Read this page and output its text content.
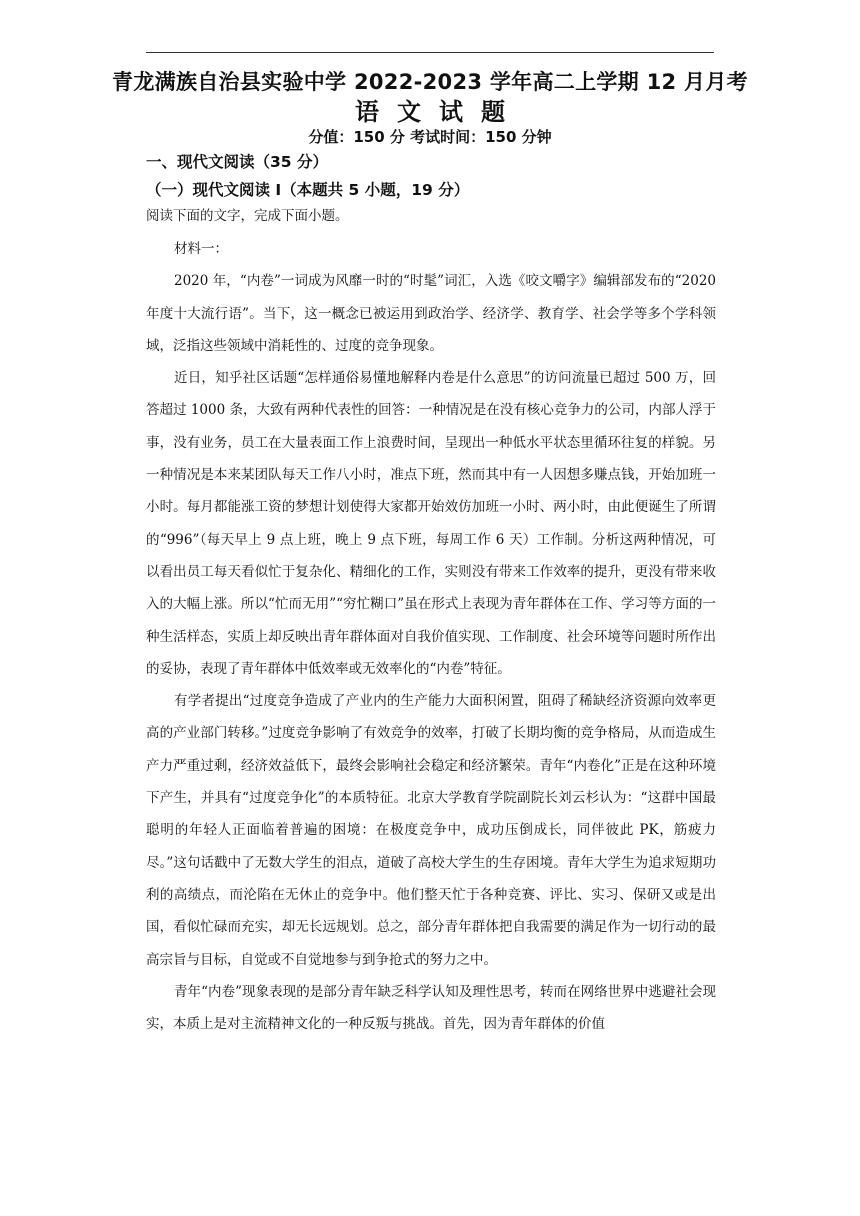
青龙满族自治县实验中学 2022-2023 学年高二上学期 12 月月考
语文试题
分值：150 分 考试时间：150 分钟
一、现代文阅读（35 分）
（一）现代文阅读 I（本题共 5 小题，19 分）
阅读下面的文字，完成下面小题。

材料一：

2020 年，“内卷”一词成为风靡一时的“时髦”词汇，入选《咬文嚼字》编辑部发布的“2020 年度十大流行语”。当下，这一概念已被运用到政治学、经济学、教育学、社会学等多个学科领域，泛指这些领域中消耗性的、过度的竞争现象。

近日，知乎社区话题“怎样通俗易懂地解释内卷是什么意思”的访问流量已超过 500 万，回答超过 1000 条，大致有两种代表性的回答：一种情况是在没有核心竞争力的公司，内部人浮于事，没有业务，员工在大量表面工作上浪费时间，呈现出一种低水平状态里循环往复的样貌。另一种情况是本来某团队每天工作八小时，准点下班，然而其中有一人因想多赚点钱，开始加班一小时。每月都能涨工资的梦想计划使得大家都开始效仿加班一小时、两小时，由此便诞生了所谓的“996”（每天早上 9 点上班，晚上 9 点下班，每周工作 6 天）工作制。分析这两种情况，可以看出员工每天看似忙于复杂化、精细化的工作，实则没有带来工作效率的提升，更没有带来收入的大幅上涨。所以“忙而无用”“穷忙糊口”虽在形式上表现为青年群体在工作、学习等方面的一种生活样态，实质上却反映出青年群体面对自我价值实现、工作制度、社会环境等问题时所作出的妥协，表现了青年群体中低效率或无效率化的“内卷”特征。

有学者提出“过度竞争造成了产业内的生产能力大面积闲置，阻碍了稀缺经济资源向效率更高的产业部门转移。”过度竞争影响了有效竞争的效率，打破了长期均衡的竞争格局，从而造成生产力严重过剩，经济效益低下，最终会影响社会稳定和经济繁荣。青年“内卷化”正是在这种环境下产生，并具有“过度竞争化”的本质特征。北京大学教育学院副院长刘云杉认为：“这群中国最聪明的年轻人正面临着普遍的困境：在极度竞争中，成功压倒成长，同伴彼此 PK，筋疲力尽。”这句话戳中了无数大学生的泪点，道破了高校大学生的生存困境。青年大学生为追求短期功利的高绩点，而沦陷在无休止的竞争中。他们整天忙于各种竞赛、评比、实习、保研又或是出国，看似忙碌而充实，却无长远规划。总之，部分青年群体把自我需要的满足作为一切行动的最高宗旨与目标，自觉或不自觉地参与到争抢式的努力之中。

青年“内卷”现象表现的是部分青年缺乏科学认知及理性思考，转而在网络世界中逃避社会现实，本质上是对主流精神文化的一种反叛与挑战。首先，因为青年群体的价值
